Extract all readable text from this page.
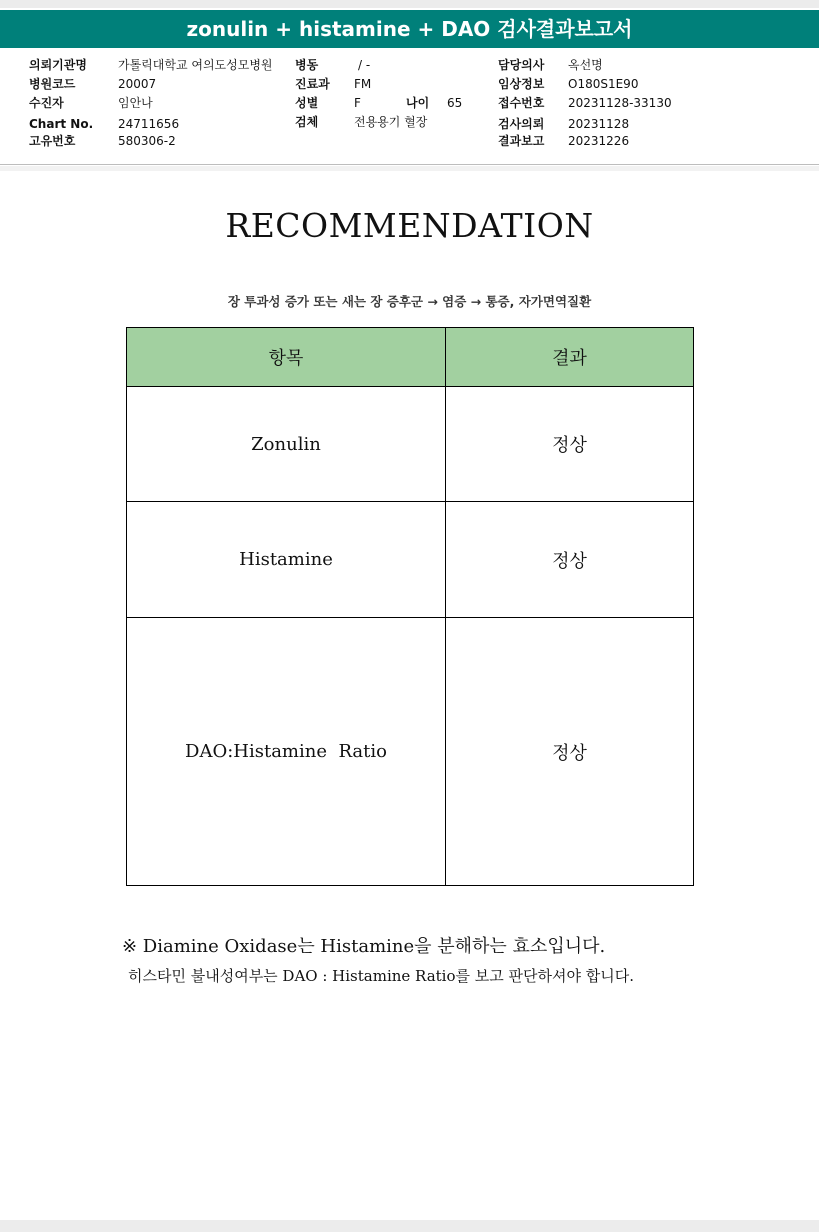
zonulin + histamine + DAO 검사결과보고서
의뢰기관명	가톨릭대학교 여의도성모병원
병원코드	20007
수진자	임안나
Chart No. 24711656
고유번호	580306-2
병동	/ -
진료과 FM
성별	F	나이 65
검체	전용용기 혈장
담당의사 옥선명
임상정보 O180S1E90
접수번호 20231128-33130
검사의뢰 20231128
결과보고 20231226
RECOMMENDATION
장 투과성 증가 또는 새는 장 증후군 → 염증 → 통증, 자가면역질환
항목	결과
Zonulin	정상
Histamine	정상
DAO:Histamine  Ratio	정상
※ Diamine Oxidase는 Histamine을 분해하는 효소입니다.
히스타민 불내성여부는 DAO : Histamine Ratio를 보고 판단하셔야 합니다.
